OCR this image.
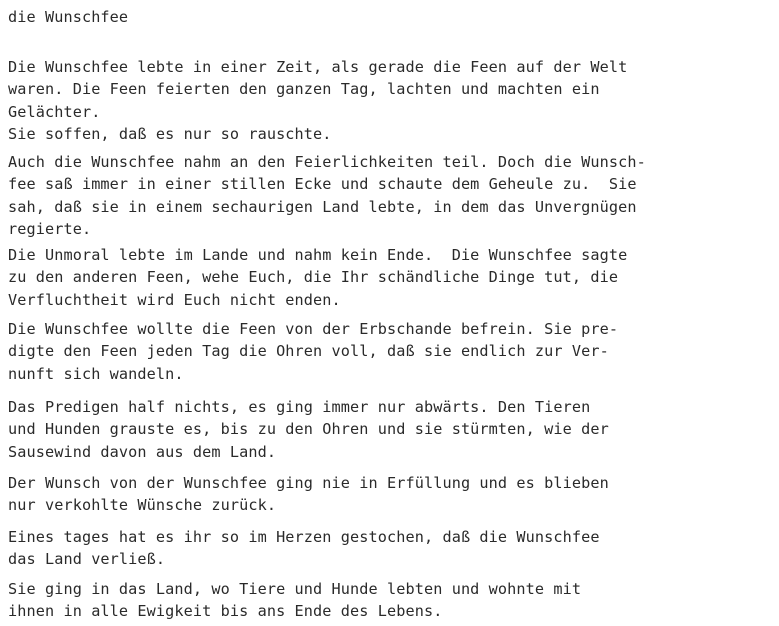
die Wunschfee
Die Wunschfee lebte in einer Zeit, als gerade die Feen auf der Welt
waren. Die Feen feierten den ganzen Tag, lachten und machten ein
Gelächter.
Sie soffen, daß es nur so rauschte.
Auch die Wunschfee nahm an den Feierlichkeiten teil. Doch die Wunsch-
fee saß immer in einer stillen Ecke und schaute dem Geheule zu.  Sie
sah, daß sie in einem sechaurigen Land lebte, in dem das Unvergnügen
regierte.
Die Unmoral lebte im Lande und nahm kein Ende.  Die Wunschfee sagte
zu den anderen Feen, wehe Euch, die Ihr schändliche Dinge tut, die
Verfluchtheit wird Euch nicht enden.
Die Wunschfee wollte die Feen von der Erbschande befrein. Sie pre-
digte den Feen jeden Tag die Ohren voll, daß sie endlich zur Ver-
nunft sich wandeln.
Das Predigen half nichts, es ging immer nur abwärts. Den Tieren
und Hunden grauste es, bis zu den Ohren und sie stürmten, wie der
Sausewind davon aus dem Land.
Der Wunsch von der Wunschfee ging nie in Erfüllung und es blieben
nur verkohlte Wünsche zurück.
Eines tages hat es ihr so im Herzen gestochen, daß die Wunschfee
das Land verließ.
Sie ging in das Land, wo Tiere und Hunde lebten und wohnte mit
ihnen in alle Ewigkeit bis ans Ende des Lebens.
